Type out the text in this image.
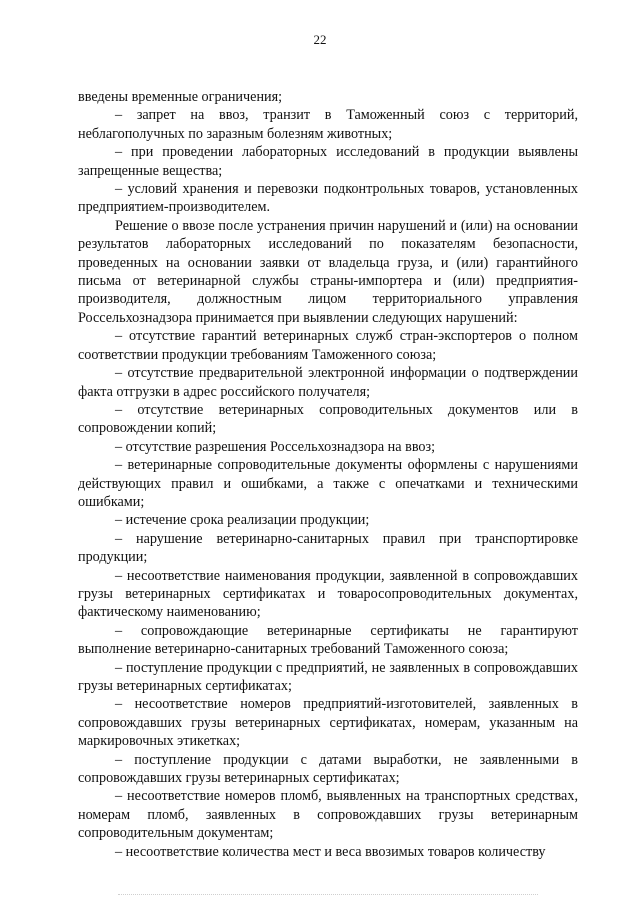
22

введены временные ограничения;

– запрет на ввоз, транзит в Таможенный союз с территорий, неблагополучных по заразным болезням животных;

– при проведении лабораторных исследований в продукции выявлены запрещенные вещества;

– условий хранения и перевозки подконтрольных товаров, установленных предприятием-производителем.

Решение о ввозе после устранения причин нарушений и (или) на основании результатов лабораторных исследований по показателям безопасности, проведенных на основании заявки от владельца груза, и (или) гарантийного письма от ветеринарной службы страны-импортера и (или) предприятия-производителя, должностным лицом территориального управления Россельхознадзора принимается при выявлении следующих нарушений:

– отсутствие гарантий ветеринарных служб стран-экспортеров о полном соответствии продукции требованиям Таможенного союза;

– отсутствие предварительной электронной информации о подтверждении факта отгрузки в адрес российского получателя;

– отсутствие ветеринарных сопроводительных документов или в сопровождении копий;

– отсутствие разрешения Россельхознадзора на ввоз;

– ветеринарные сопроводительные документы оформлены с нарушениями действующих правил и ошибками, а также с опечатками и техническими ошибками;

– истечение срока реализации продукции;

– нарушение ветеринарно-санитарных правил при транспортировке продукции;

– несоответствие наименования продукции, заявленной в сопровождавших грузы ветеринарных сертификатах и товаросопроводительных документах, фактическому наименованию;

– сопровождающие ветеринарные сертификаты не гарантируют выполнение ветеринарно-санитарных требований Таможенного союза;

– поступление продукции с предприятий, не заявленных в сопровождавших грузы ветеринарных сертификатах;

– несоответствие номеров предприятий-изготовителей, заявленных в сопровождавших грузы ветеринарных сертификатах, номерам, указанным на маркировочных этикетках;

– поступление продукции с датами выработки, не заявленными в сопровождавших грузы ветеринарных сертификатах;

– несоответствие номеров пломб, выявленных на транспортных средствах, номерам пломб, заявленных в сопровождавших грузы ветеринарным сопроводительным документам;

– несоответствие количества мест и веса ввозимых товаров количеству
